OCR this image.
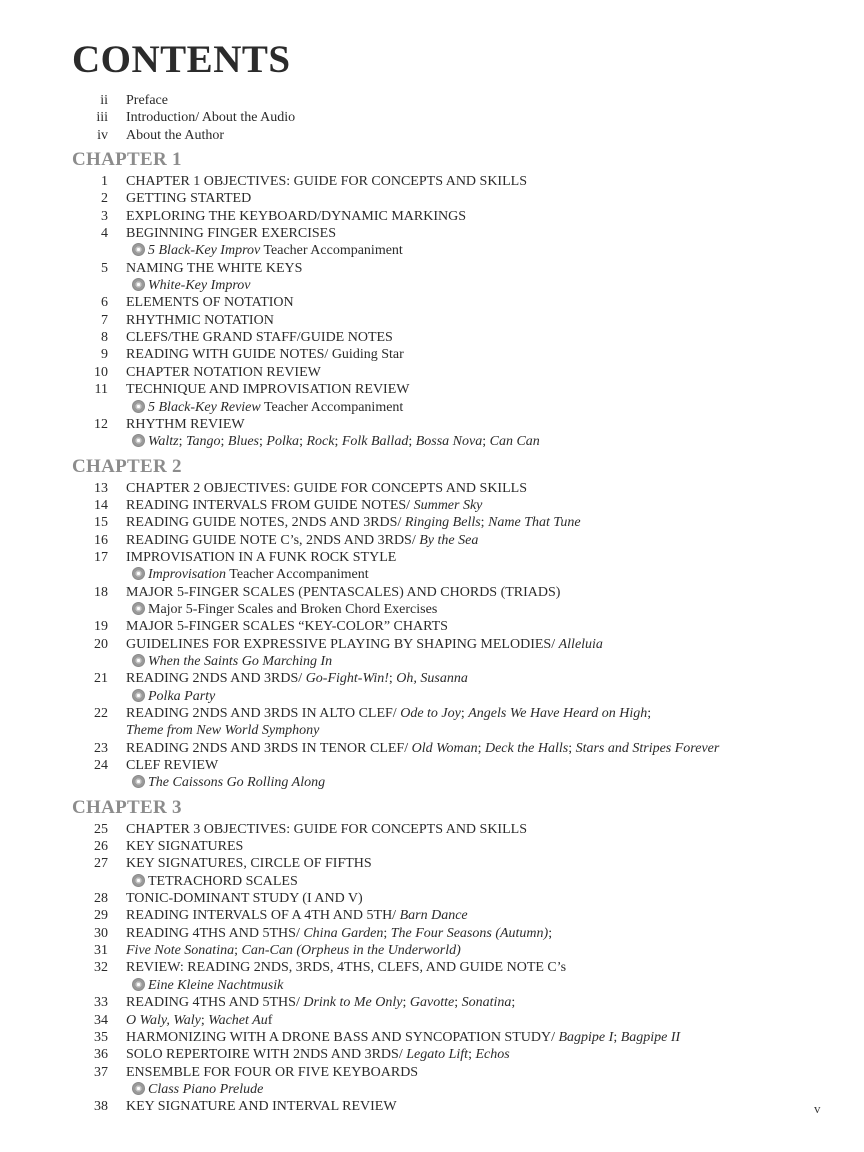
CONTENTS
ii Preface
iii Introduction/ About the Audio
iv About the Author
CHAPTER 1
1 CHAPTER 1 OBJECTIVES: GUIDE FOR CONCEPTS AND SKILLS
2 GETTING STARTED
3 EXPLORING THE KEYBOARD/DYNAMIC MARKINGS
4 BEGINNING FINGER EXERCISES
5 Black-Key Improv Teacher Accompaniment
5 NAMING THE WHITE KEYS
White-Key Improv
6 ELEMENTS OF NOTATION
7 RHYTHMIC NOTATION
8 CLEFS/THE GRAND STAFF/GUIDE NOTES
9 READING WITH GUIDE NOTES/ Guiding Star
10 CHAPTER NOTATION REVIEW
11 TECHNIQUE AND IMPROVISATION REVIEW
5 Black-Key Review Teacher Accompaniment
12 RHYTHM REVIEW
Waltz; Tango; Blues; Polka; Rock; Folk Ballad; Bossa Nova; Can Can
CHAPTER 2
13 CHAPTER 2 OBJECTIVES: GUIDE FOR CONCEPTS AND SKILLS
14 READING INTERVALS FROM GUIDE NOTES/ Summer Sky
15 READING GUIDE NOTES, 2NDS AND 3RDS/ Ringing Bells; Name That Tune
16 READING GUIDE NOTE C’s, 2NDS AND 3RDS/ By the Sea
17 IMPROVISATION IN A FUNK ROCK STYLE
Improvisation Teacher Accompaniment
18 MAJOR 5-FINGER SCALES (PENTASCALES) AND CHORDS (TRIADS)
Major 5-Finger Scales and Broken Chord Exercises
19 MAJOR 5-FINGER SCALES “KEY-COLOR” CHARTS
20 GUIDELINES FOR EXPRESSIVE PLAYING BY SHAPING MELODIES/ Alleluia
When the Saints Go Marching In
21 READING 2NDS AND 3RDS/ Go-Fight-Win!; Oh, Susanna
Polka Party
22 READING 2NDS AND 3RDS IN ALTO CLEF/ Ode to Joy; Angels We Have Heard on High;
Theme from New World Symphony
23 READING 2NDS AND 3RDS IN TENOR CLEF/ Old Woman; Deck the Halls; Stars and Stripes Forever
24 CLEF REVIEW
The Caissons Go Rolling Along
CHAPTER 3
25 CHAPTER 3 OBJECTIVES: GUIDE FOR CONCEPTS AND SKILLS
26 KEY SIGNATURES
27 KEY SIGNATURES, CIRCLE OF FIFTHS
TETRACHORD SCALES
28 TONIC-DOMINANT STUDY (I AND V)
29 READING INTERVALS OF A 4TH AND 5TH/ Barn Dance
30 READING 4THS AND 5THS/ China Garden; The Four Seasons (Autumn);
31 Five Note Sonatina; Can-Can (Orpheus in the Underworld)
32 REVIEW: READING 2NDS, 3RDS, 4THS, CLEFS, AND GUIDE NOTE C’s
Eine Kleine Nachtmusik
33 READING 4THS AND 5THS/ Drink to Me Only; Gavotte; Sonatina;
34 O Waly, Waly; Wachet Auf
35 HARMONIZING WITH A DRONE BASS AND SYNCOPATION STUDY/ Bagpipe I; Bagpipe II
36 SOLO REPERTOIRE WITH 2NDS AND 3RDS/ Legato Lift; Echos
37 ENSEMBLE FOR FOUR OR FIVE KEYBOARDS
Class Piano Prelude
38 KEY SIGNATURE AND INTERVAL REVIEW	v
